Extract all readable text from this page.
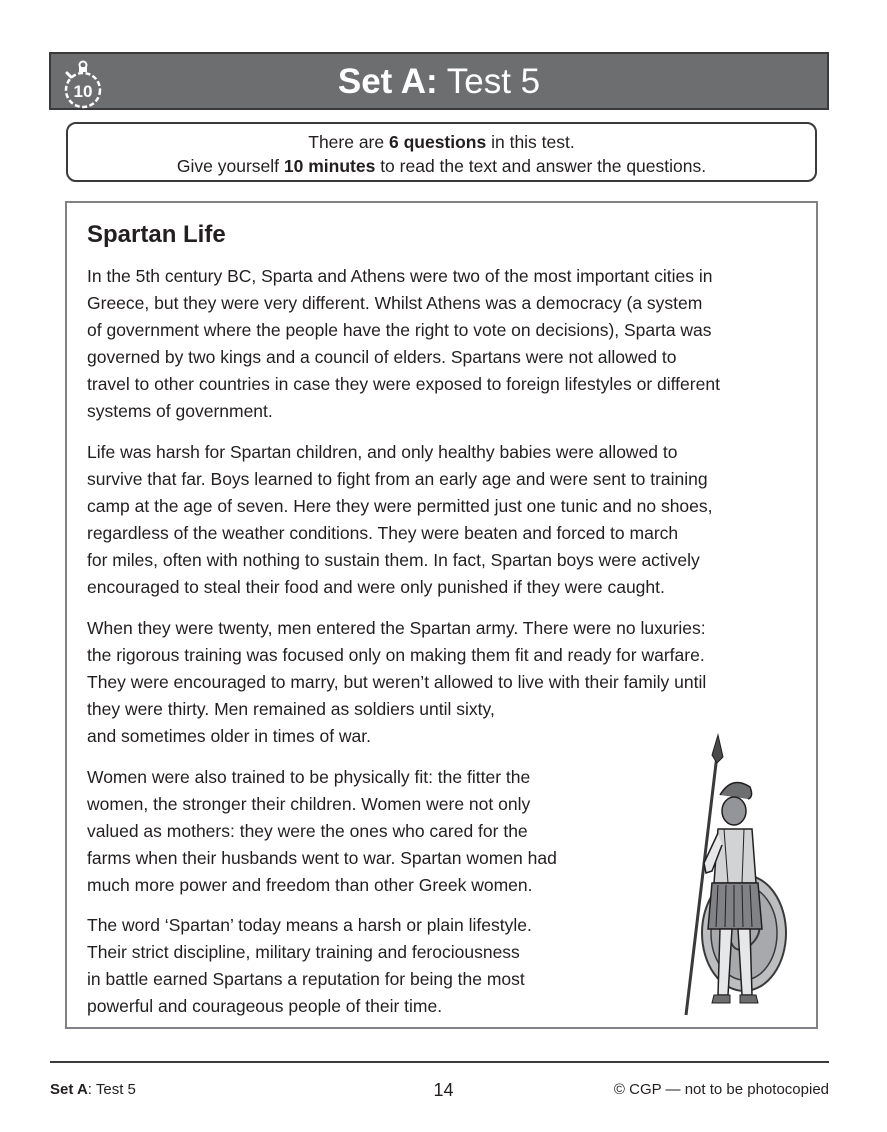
10	Set A: Test 5
There are 6 questions in this test.
Give yourself 10 minutes to read the text and answer the questions.
Spartan Life

In the 5th century BC, Sparta and Athens were two of the most important cities in
Greece, but they were very different. Whilst Athens was a democracy (a system
of government where the people have the right to vote on decisions), Sparta was
governed by two kings and a council of elders. Spartans were not allowed to
travel to other countries in case they were exposed to foreign lifestyles or different
systems of government.

Life was harsh for Spartan children, and only healthy babies were allowed to
survive that far. Boys learned to fight from an early age and were sent to training
camp at the age of seven. Here they were permitted just one tunic and no shoes,
regardless of the weather conditions. They were beaten and forced to march
for miles, often with nothing to sustain them. In fact, Spartan boys were actively
encouraged to steal their food and were only punished if they were caught.

When they were twenty, men entered the Spartan army. There were no luxuries:
the rigorous training was focused only on making them fit and ready for warfare.
They were encouraged to marry, but weren’t allowed to live with their family until
they were thirty. Men remained as soldiers until sixty,
and sometimes older in times of war.

Women were also trained to be physically fit: the fitter the
women, the stronger their children. Women were not only
valued as mothers: they were the ones who cared for the
farms when their husbands went to war. Spartan women had
much more power and freedom than other Greek women.

The word ‘Spartan’ today means a harsh or plain lifestyle.
Their strict discipline, military training and ferociousness
in battle earned Spartans a reputation for being the most
powerful and courageous people of their time.

Set A: Test 5	14	© CGP — not to be photocopied
